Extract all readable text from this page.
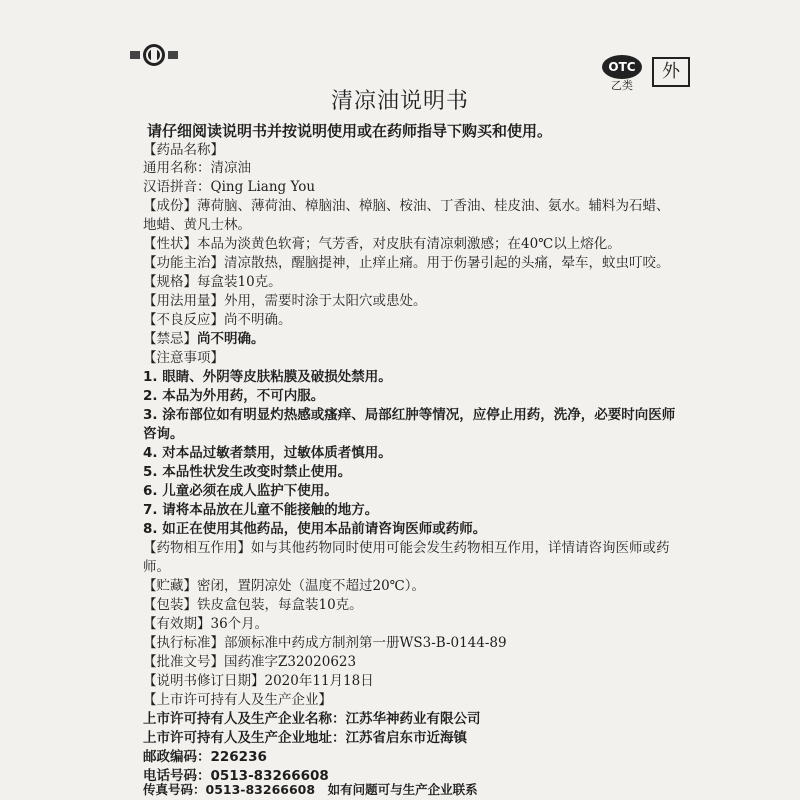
OTC
乙类
外
清凉油说明书
请仔细阅读说明书并按说明使用或在药师指导下购买和使用。
【药品名称】
通用名称：清凉油
汉语拼音：Qing Liang You
【成份】薄荷脑、薄荷油、樟脑油、樟脑、桉油、丁香油、桂皮油、氨水。辅料为石蜡、
地蜡、黄凡士林。
【性状】本品为淡黄色软膏；气芳香，对皮肤有清凉刺激感；在40℃以上熔化。
【功能主治】清凉散热，醒脑提神，止痒止痛。用于伤暑引起的头痛，晕车，蚊虫叮咬。
【规格】每盒装10克。
【用法用量】外用，需要时涂于太阳穴或患处。
【不良反应】尚不明确。
【禁忌】尚不明确。
【注意事项】
1. 眼睛、外阴等皮肤粘膜及破损处禁用。
2. 本品为外用药，不可内服。
3. 涂布部位如有明显灼热感或瘙痒、局部红肿等情况，应停止用药，洗净，必要时向医师
咨询。
4. 对本品过敏者禁用，过敏体质者慎用。
5. 本品性状发生改变时禁止使用。
6. 儿童必须在成人监护下使用。
7. 请将本品放在儿童不能接触的地方。
8. 如正在使用其他药品，使用本品前请咨询医师或药师。
【药物相互作用】如与其他药物同时使用可能会发生药物相互作用，详情请咨询医师或药
师。
【贮藏】密闭，置阴凉处（温度不超过20℃）。
【包装】铁皮盒包装，每盒装10克。
【有效期】36个月。
【执行标准】部颁标准中药成方制剂第一册WS3-B-0144-89
【批准文号】国药准字Z32020623
【说明书修订日期】2020年11月18日
【上市许可持有人及生产企业】
上市许可持有人及生产企业名称：江苏华神药业有限公司
上市许可持有人及生产企业地址：江苏省启东市近海镇
邮政编码：226236
电话号码：0513-83266608
传真号码：0513-83266608　 如有问题可与生产企业联系
